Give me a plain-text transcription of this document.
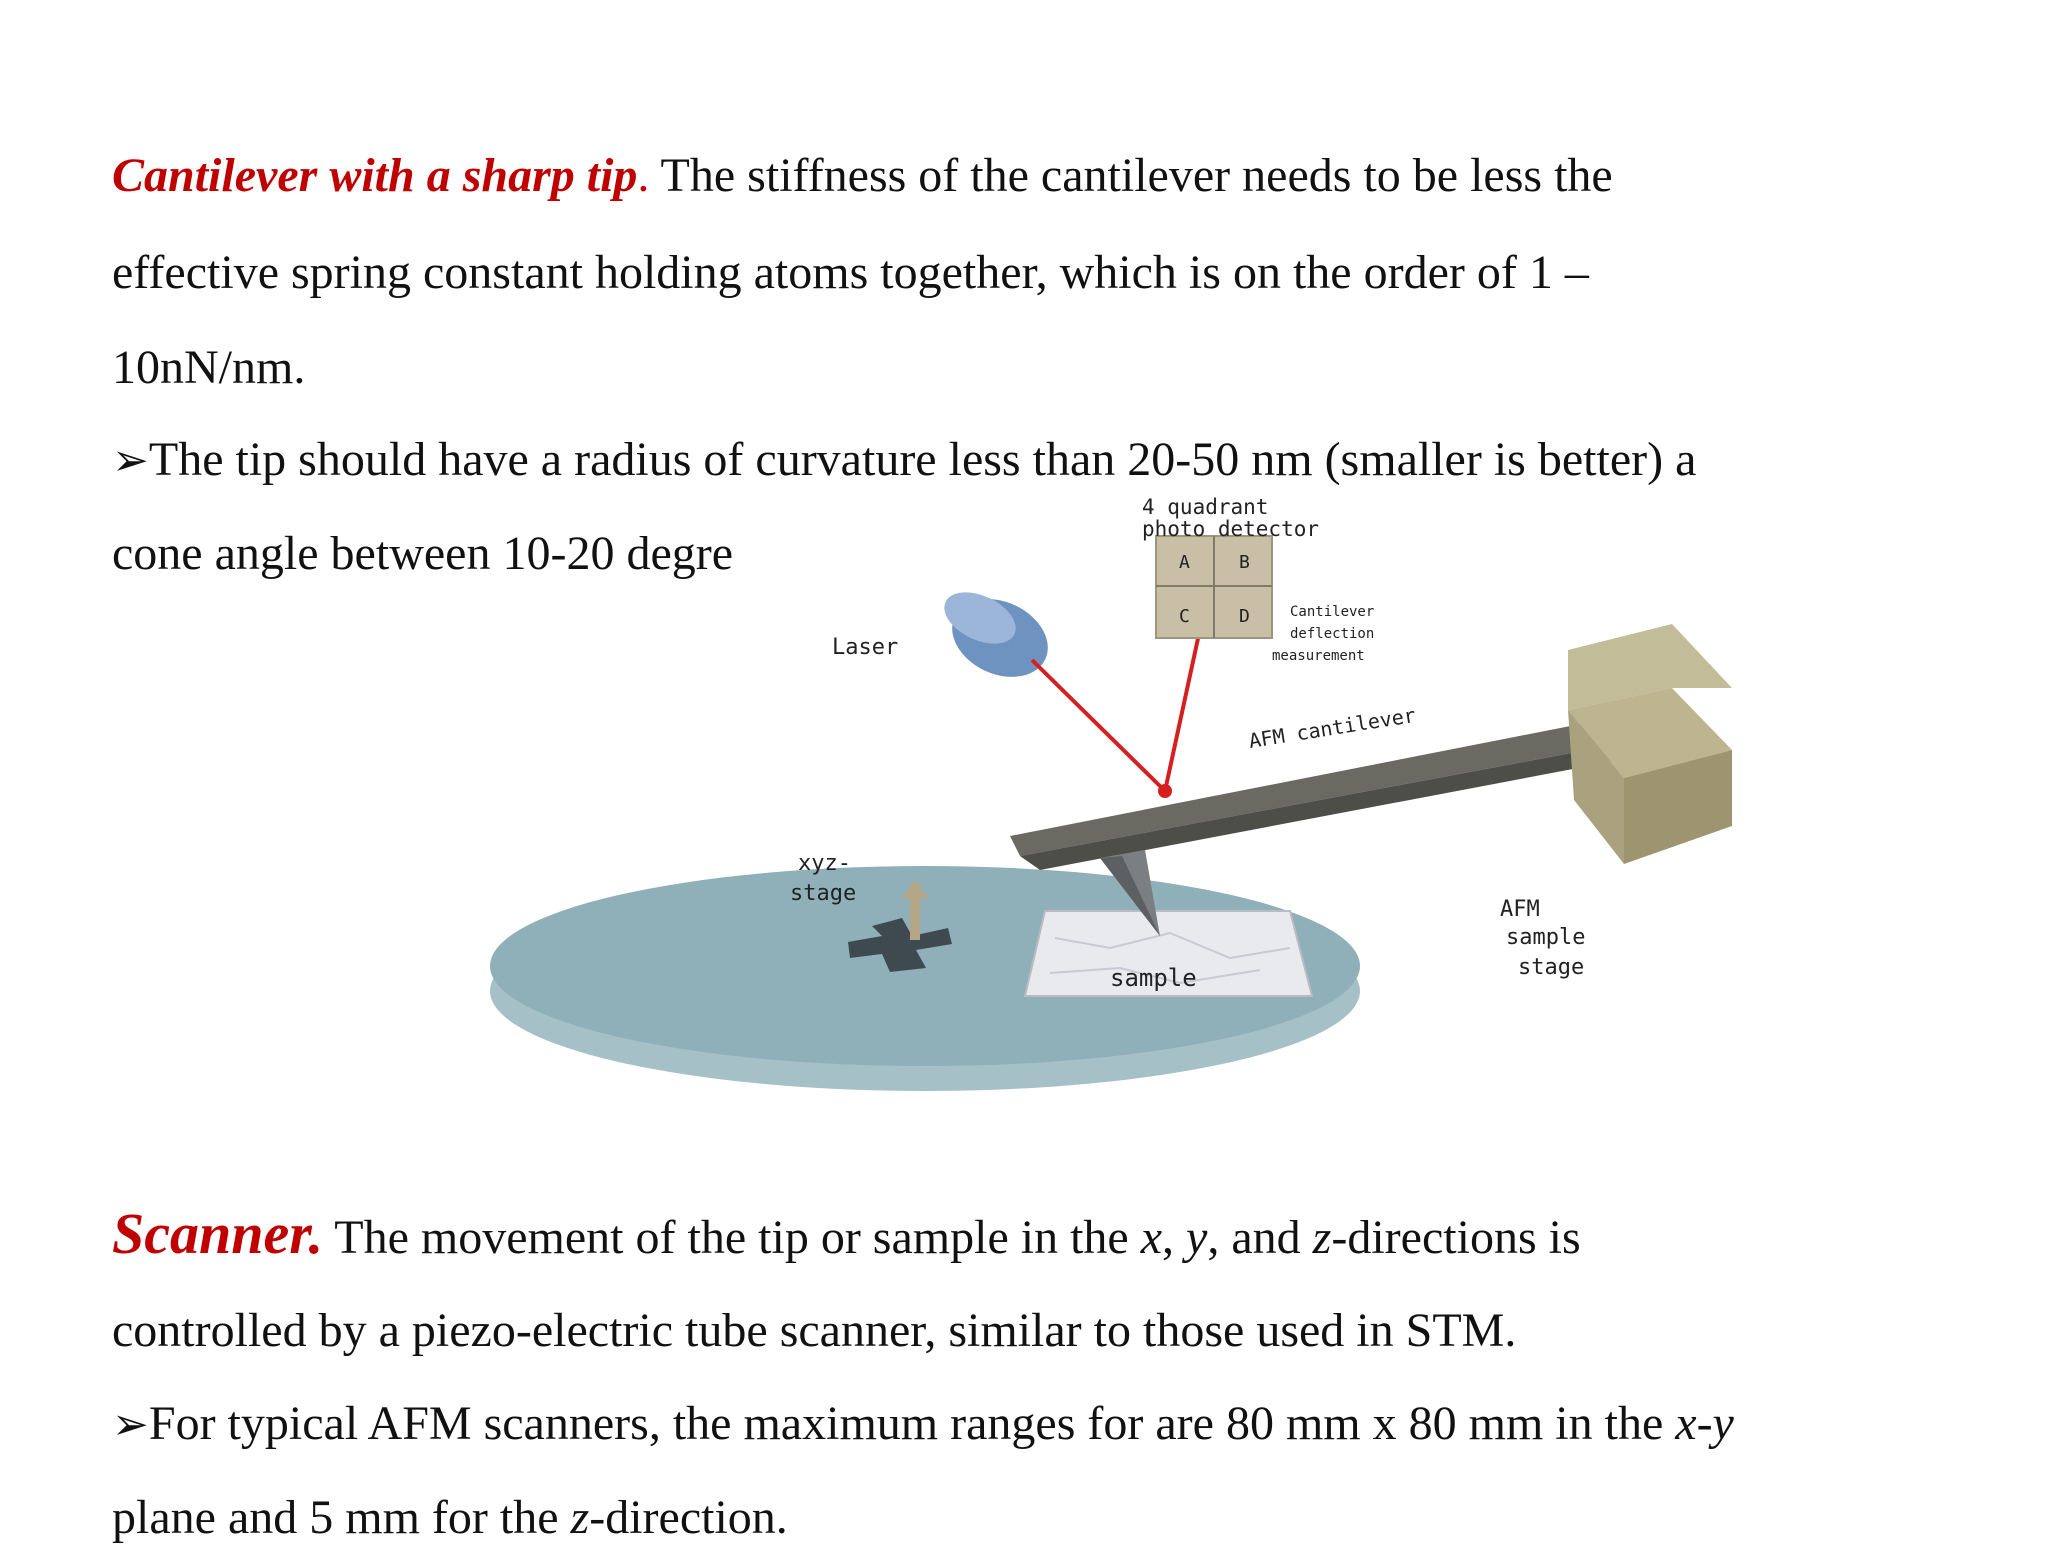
Cantilever with a sharp tip. The stiffness of the cantilever needs to be less the

effective spring constant holding atoms together, which is on the order of 1 –

10nN/nm.

➢The tip should have a radius of curvature less than 20-50 nm (smaller is better) a

cone angle between 10-20 degre

4 quadrant
photo detector
A	B
C	D	Cantilever
deflection
measurement
Laser
AFM cantilever
xyz-
stage
sample
AFM
sample
stage

Scanner. The movement of the tip or sample in the x, y, and z-directions is

controlled by a piezo-electric tube scanner, similar to those used in STM.

➢For typical AFM scanners, the maximum ranges for are 80 mm x 80 mm in the x-y

plane and 5 mm for the z-direction.
